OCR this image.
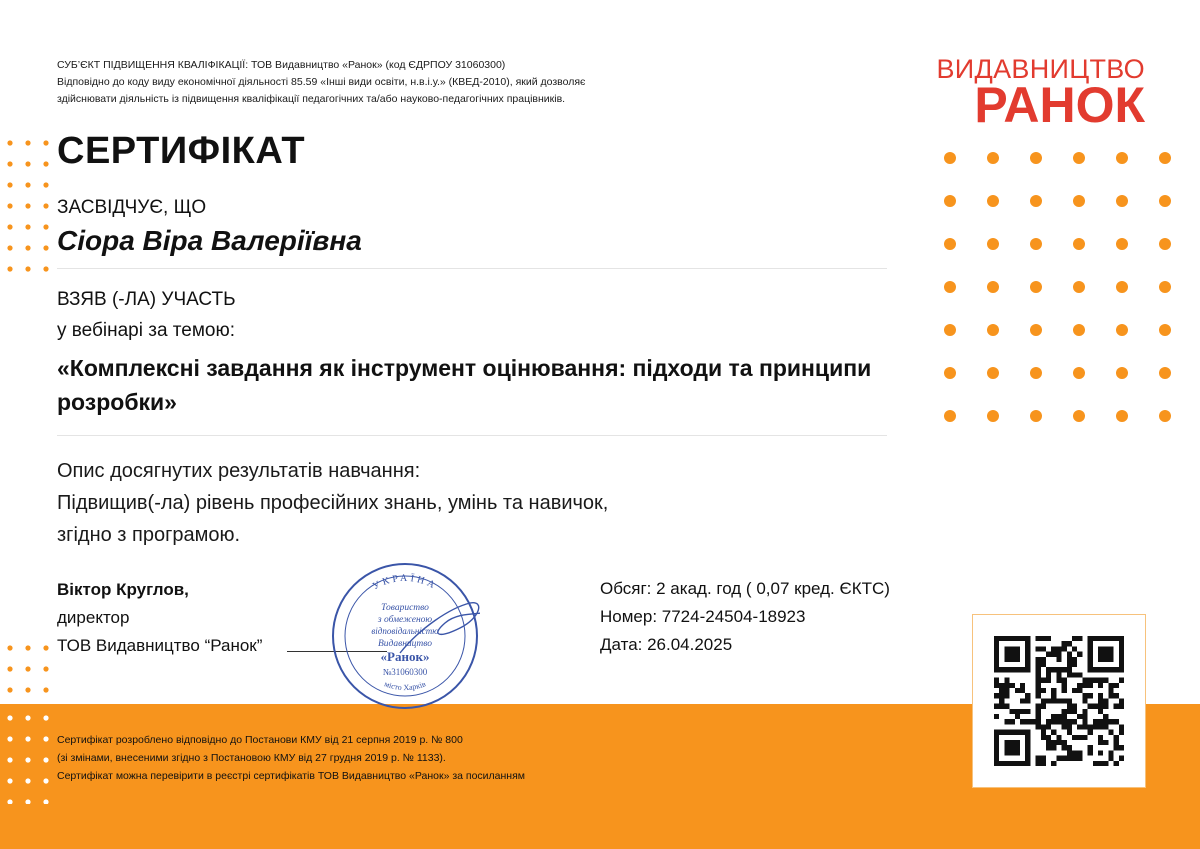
СУБ’ЄКТ ПІДВИЩЕННЯ КВАЛІФІКАЦІЇ: ТОВ Видавництво «Ранок» (код ЄДРПОУ 31060300)
Відповідно до коду виду економічної діяльності 85.59 «Інші види освіти, н.в.і.у.» (КВЕД-2010), який дозволяє
здійснювати діяльність із підвищення кваліфікації педагогічних та/або науково-педагогічних працівників.
ВИДАВНИЦТВО
РАНОК
СЕРТИФІКАТ
ЗАСВІДЧУЄ, ЩО
Сіора Віра Валеріївна
ВЗЯВ (-ЛА) УЧАСТЬ
у вебінарі за темою:
«Комплексні завдання як інструмент оцінювання: підходи та принципи розробки»
Опис досягнутих результатів навчання:
Підвищив(-ла) рівень професійних знань, умінь та навичок,
згідно з програмою.
Віктор Круглов,
директор
ТОВ Видавництво “Ранок”
УКРАЇНА
місто Харків
Товариство
з обмеженою
відповідальністю
Видавництво
«Ранок»
№31060300
Обсяг: 2 акад. год ( 0,07 кред. ЄКТС)
Номер: 7724-24504-18923
Дата: 26.04.2025
Сертифікат розроблено відповідно до Постанови КМУ від 21 серпня 2019 р. № 800
(зі змінами, внесеними згідно з Постановою КМУ від 27 грудня 2019 р. № 1133).
Сертифікат можна перевірити в реєстрі сертифікатів ТОВ Видавництво «Ранок» за посиланням
